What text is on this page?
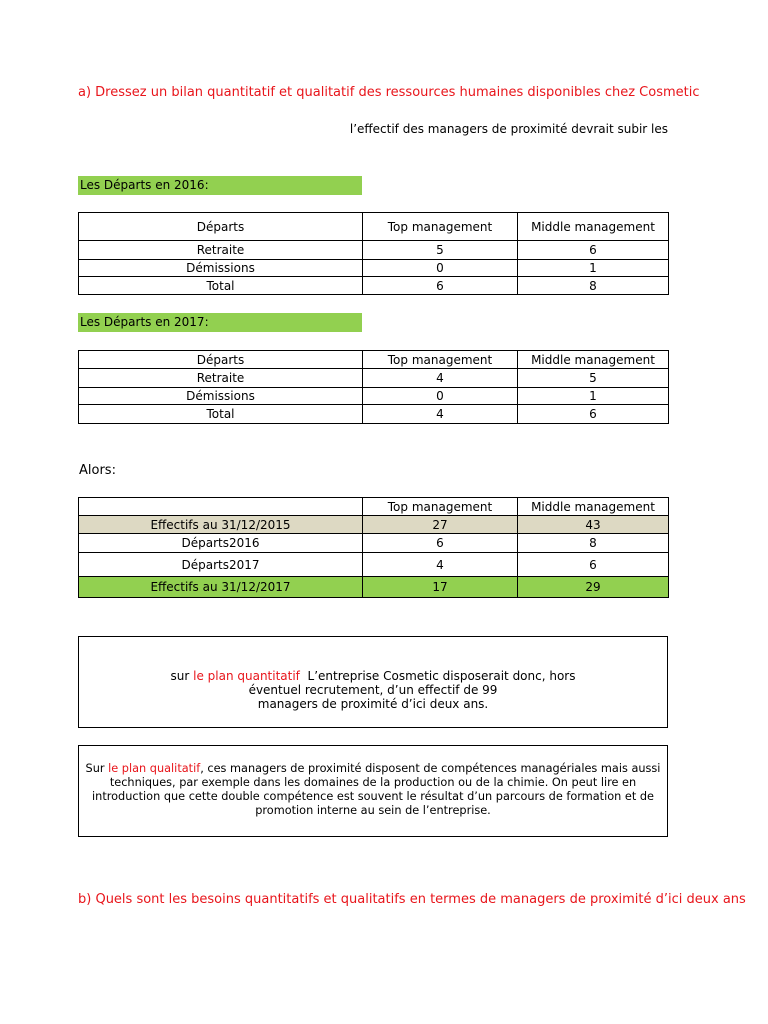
a) Dressez un bilan quantitatif et qualitatif des ressources humaines disponibles chez Cosmetic
l’effectif des managers de proximité devrait subir les
Les Départs en 2016:
Départs	Top management	Middle management
Retraite	5	6
Démissions	0	1
Total	6	8
Les Départs en 2017:
Départs	Top management	Middle management
Retraite	4	5
Démissions	0	1
Total	4	6
Alors:
	Top management	Middle management
Effectifs au 31/12/2015	27	43
Départs2016	6	8
Départs2017	4	6
Effectifs au 31/12/2017	17	29
sur le plan quantitatif  L’entreprise Cosmetic disposerait donc, hors
éventuel recrutement, d’un effectif de 99
managers de proximité d’ici deux ans.
Sur le plan qualitatif, ces managers de proximité disposent de compétences managériales mais aussi
techniques, par exemple dans les domaines de la production ou de la chimie. On peut lire en
introduction que cette double compétence est souvent le résultat d’un parcours de formation et de
promotion interne au sein de l’entreprise.
b) Quels sont les besoins quantitatifs et qualitatifs en termes de managers de proximité d’ici deux ans
